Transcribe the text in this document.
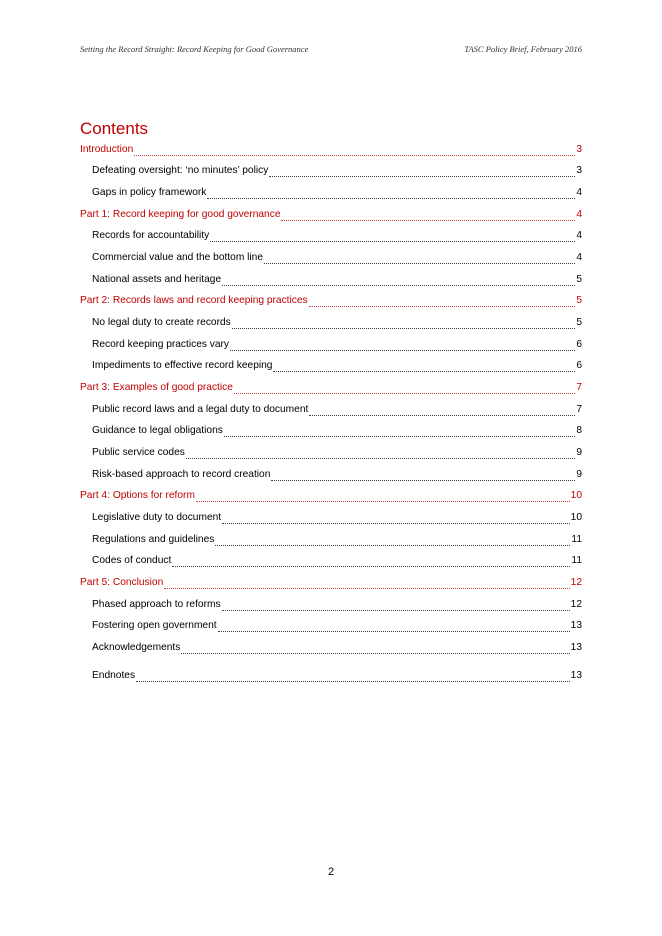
Setting the Record Straight: Record Keeping for Good Governance	TASC Policy Brief, February 2016
Contents
Introduction	3
Defeating oversight: ‘no minutes’ policy	3
Gaps in policy framework	4
Part 1: Record keeping for good governance	4
Records for accountability	4
Commercial value and the bottom line	4
National assets and heritage	5
Part 2: Records laws and record keeping practices	5
No legal duty to create records	5
Record keeping practices vary	6
Impediments to effective record keeping	6
Part 3: Examples of good practice	7
Public record laws and a legal duty to document	7
Guidance to legal obligations	8
Public service codes	9
Risk-based approach to record creation	9
Part 4: Options for reform	10
Legislative duty to document	10
Regulations and guidelines	11
Codes of conduct	11
Part 5: Conclusion	12
Phased approach to reforms	12
Fostering open government	13
Acknowledgements	13
Endnotes	13
2
